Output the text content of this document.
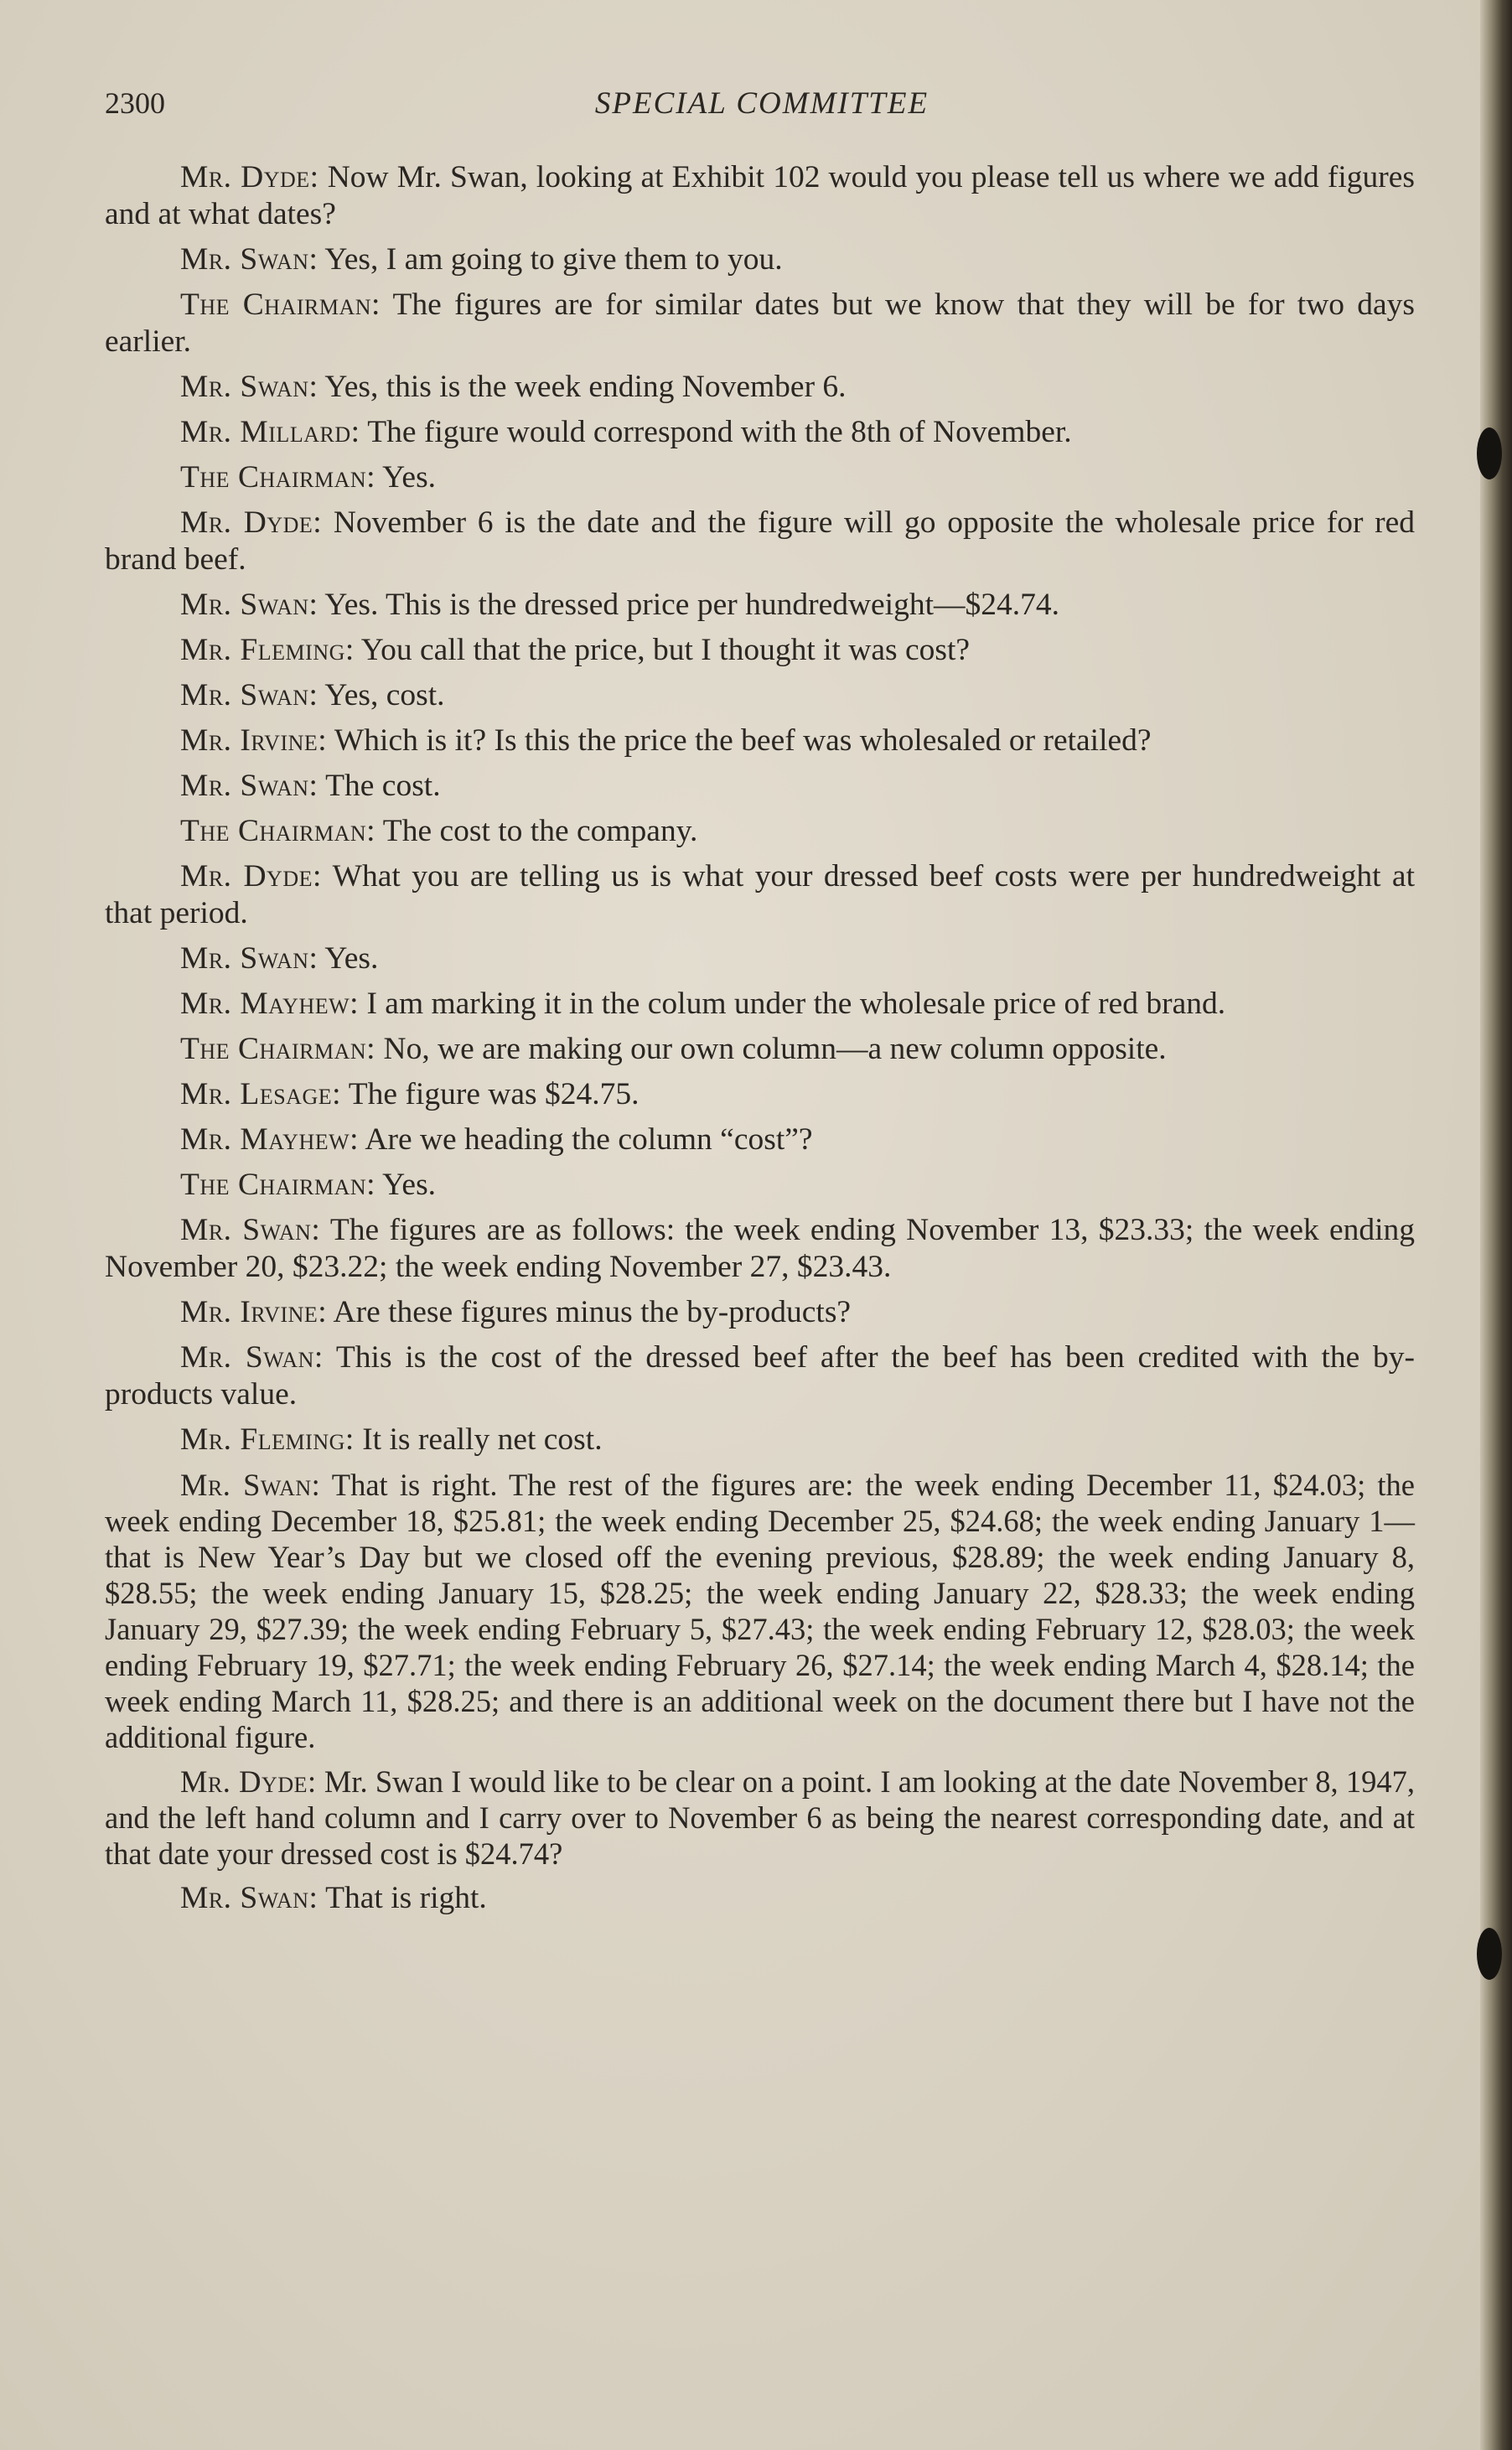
2300	SPECIAL COMMITTEE

Mr. Dyde: Now Mr. Swan, looking at Exhibit 102 would you please tell us where we add figures and at what dates?

Mr. Swan: Yes, I am going to give them to you.

The Chairman: The figures are for similar dates but we know that they will be for two days earlier.

Mr. Swan: Yes, this is the week ending November 6.

Mr. Millard: The figure would correspond with the 8th of November.

The Chairman: Yes.

Mr. Dyde: November 6 is the date and the figure will go opposite the wholesale price for red brand beef.

Mr. Swan: Yes. This is the dressed price per hundredweight—$24.74.

Mr. Fleming: You call that the price, but I thought it was cost?

Mr. Swan: Yes, cost.

Mr. Irvine: Which is it? Is this the price the beef was wholesaled or retailed?

Mr. Swan: The cost.

The Chairman: The cost to the company.

Mr. Dyde: What you are telling us is what your dressed beef costs were per hundredweight at that period.

Mr. Swan: Yes.

Mr. Mayhew: I am marking it in the colum under the wholesale price of red brand.

The Chairman: No, we are making our own column—a new column opposite.

Mr. Lesage: The figure was $24.75.

Mr. Mayhew: Are we heading the column “cost”?

The Chairman: Yes.

Mr. Swan: The figures are as follows: the week ending November 13, $23.33; the week ending November 20, $23.22; the week ending November 27, $23.43.

Mr. Irvine: Are these figures minus the by-products?

Mr. Swan: This is the cost of the dressed beef after the beef has been credited with the by-products value.

Mr. Fleming: It is really net cost.

Mr. Swan: That is right. The rest of the figures are: the week ending December 11, $24.03; the week ending December 18, $25.81; the week ending December 25, $24.68; the week ending January 1—that is New Year’s Day but we closed off the evening previous, $28.89; the week ending January 8, $28.55; the week ending January 15, $28.25; the week ending January 22, $28.33; the week ending January 29, $27.39; the week ending February 5, $27.43; the week ending February 12, $28.03; the week ending February 19, $27.71; the week ending February 26, $27.14; the week ending March 4, $28.14; the week ending March 11, $28.25; and there is an additional week on the document there but I have not the additional figure.

Mr. Dyde: Mr. Swan I would like to be clear on a point. I am looking at the date November 8, 1947, and the left hand column and I carry over to November 6 as being the nearest corresponding date, and at that date your dressed cost is $24.74?

Mr. Swan: That is right.
